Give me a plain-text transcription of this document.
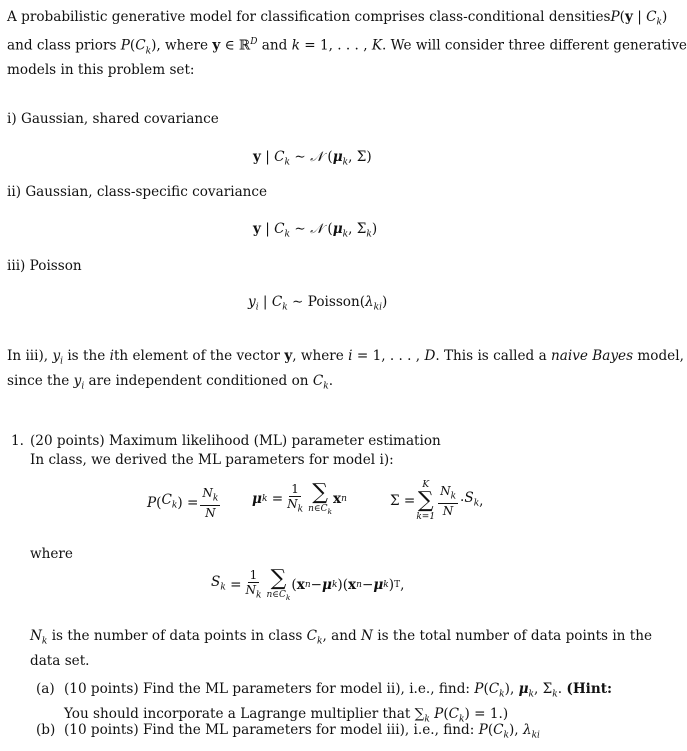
A probabilistic generative model for classification comprises class-conditional densities P(y | $C_k$)
and class priors $P(C_k)$, where y ∈ ℝ$^D$ and k = 1, . . . , K. We will consider three different generative
models in this problem set:
i) Gaussian, shared covariance
y | $C_k$ ∼ 𝒩 ($\mu_k$, Σ)
ii) Gaussian, class-specific covariance
y | $C_k$ ∼ 𝒩 ($\mu_k$, $\Sigma_k$)
iii) Poisson
$y_i$ | $C_k$ ∼ $Poisson(\lambda_{ki})$
In iii), $y_i$ is the ith element of the vector y, where i = 1, . . . , D. This is called a naive Bayes model,
since the $y_i$ are independent conditioned on $C_k$.
1. (20 points) Maximum likelihood (ML) parameter estimation
In class, we derived the ML parameters for model i):
P ( $C_k$ ) = $\frac{N_k}{N}$ μ $k = \frac{1}{N_k}$ ∑
$n\in C_k$
x n	Σ =
K
∑
$k=1 \frac{N_k}{N} \cdot S_k$ ,
where
$S_k = \frac{1}{N_k}$ ∑
$n\in C_k$
( x n − μ k )( x n − μ k ) T ,
$N_k$ is the number of data points in class $C_k$, and N is the total number of data points in the
data set.
(a) (10 points) Find the ML parameters for model ii), i.e., find: $P(C_k)$, $\mu_k$, $\Sigma_k$. (Hint:
You should incorporate a Lagrange multiplier that $\sum_k$ $P(C_k) = 1$.)
(b) (10 points) Find the ML parameters for model iii), i.e., find: $P(C_k)$, $\lambda_{ki}$
